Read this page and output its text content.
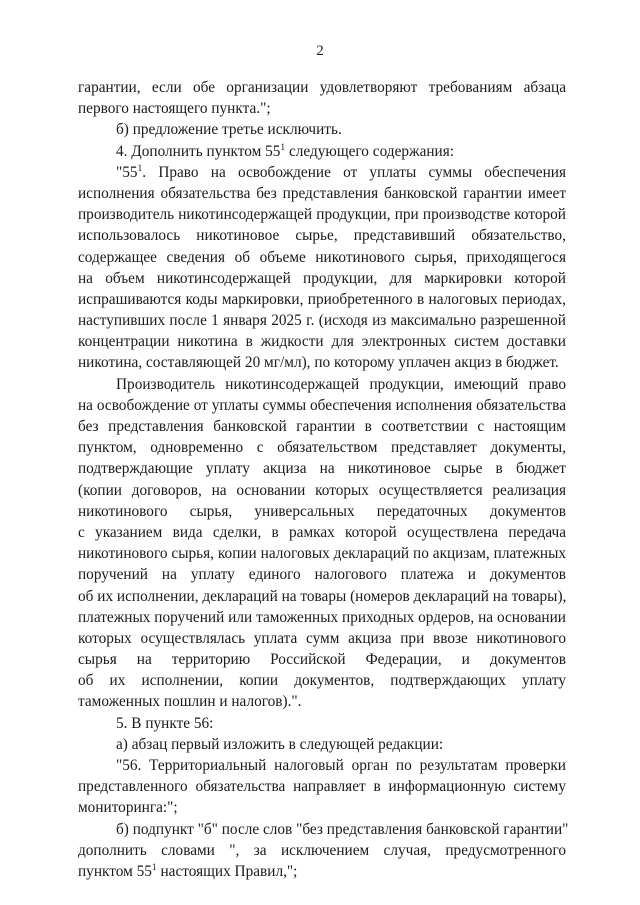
2
гарантии, если обе организации удовлетворяют требованиям абзаца
первого настоящего пункта.";
б) предложение третье исключить.
4. Дополнить пунктом $55^1$ следующего содержания:
"$55^1$. Право на освобождение от уплаты суммы обеспечения
исполнения обязательства без представления банковской гарантии имеет
производитель никотинсодержащей продукции, при производстве которой
использовалось никотиновое сырье, представивший обязательство,
содержащее сведения об объеме никотинового сырья, приходящегося
на объем никотинсодержащей продукции, для маркировки которой
испрашиваются коды маркировки, приобретенного в налоговых периодах,
наступивших после 1 января 2025 г. (исходя из максимально разрешенной
концентрации никотина в жидкости для электронных систем доставки
никотина, составляющей 20 мг/мл), по которому уплачен акциз в бюджет.
Производитель никотинсодержащей продукции, имеющий право
на освобождение от уплаты суммы обеспечения исполнения обязательства
без представления банковской гарантии в соответствии с настоящим
пунктом, одновременно с обязательством представляет документы,
подтверждающие уплату акциза на никотиновое сырье в бюджет
(копии договоров, на основании которых осуществляется реализация
никотинового сырья, универсальных передаточных документов
с указанием вида сделки, в рамках которой осуществлена передача
никотинового сырья, копии налоговых деклараций по акцизам, платежных
поручений на уплату единого налогового платежа и документов
об их исполнении, деклараций на товары (номеров деклараций на товары),
платежных поручений или таможенных приходных ордеров, на основании
которых осуществлялась уплата сумм акциза при ввозе никотинового
сырья на территорию Российской Федерации, и документов
об их исполнении, копии документов, подтверждающих уплату
таможенных пошлин и налогов).".
5. В пункте 56:
а) абзац первый изложить в следующей редакции:
"56. Территориальный налоговый орган по результатам проверки
представленного обязательства направляет в информационную систему
мониторинга:";
б) подпункт "б" после слов "без представления банковской гарантии"
дополнить словами ", за исключением случая, предусмотренного
пунктом $55^1$ настоящих Правил,";
